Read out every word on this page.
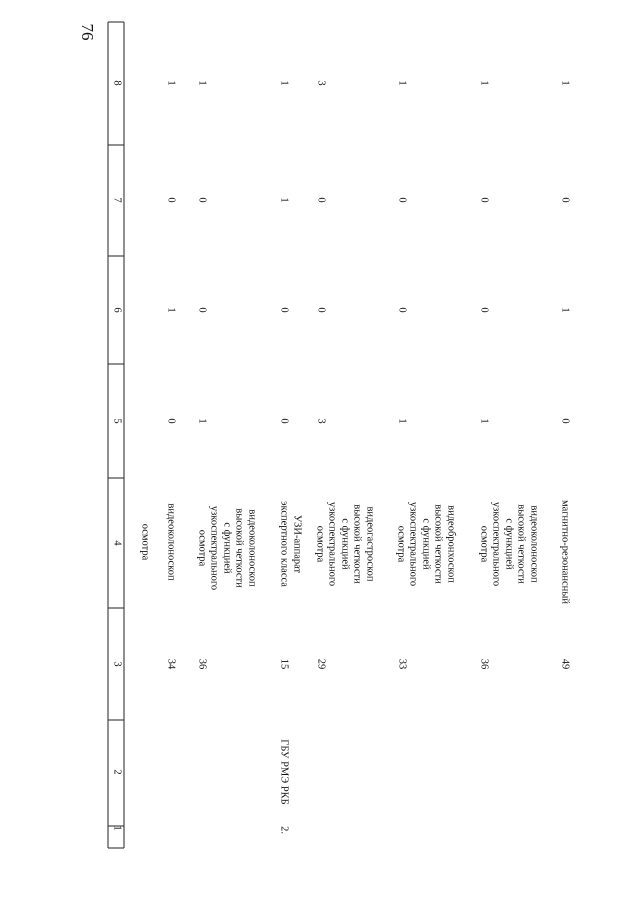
76
1
2
3
4
5
6
7
8
осмотра
34
видеоколоноскоп
0
1
0
1
36
видеоколоноскоп
высокой четкости
с функцией
узкоспектрального
осмотра
1
0
0
1
2.
ГБУ РМЭ РКБ
15
УЗИ-аппарат
экспертного класса
0
0
1
1
29
видеогастроскоп
высокой четкости
с функцией
узкоспектрального
осмотра
3
0
0
3
33
видеобронхоскоп
высокой четкости
с функцией
узкоспектрального
осмотра
1
0
0
1
36
видеоколоноскоп
высокой четкости
с функцией
узкоспектрального
осмотра
1
0
0
1
49
магнитно-резонансный
0
1
0
1
